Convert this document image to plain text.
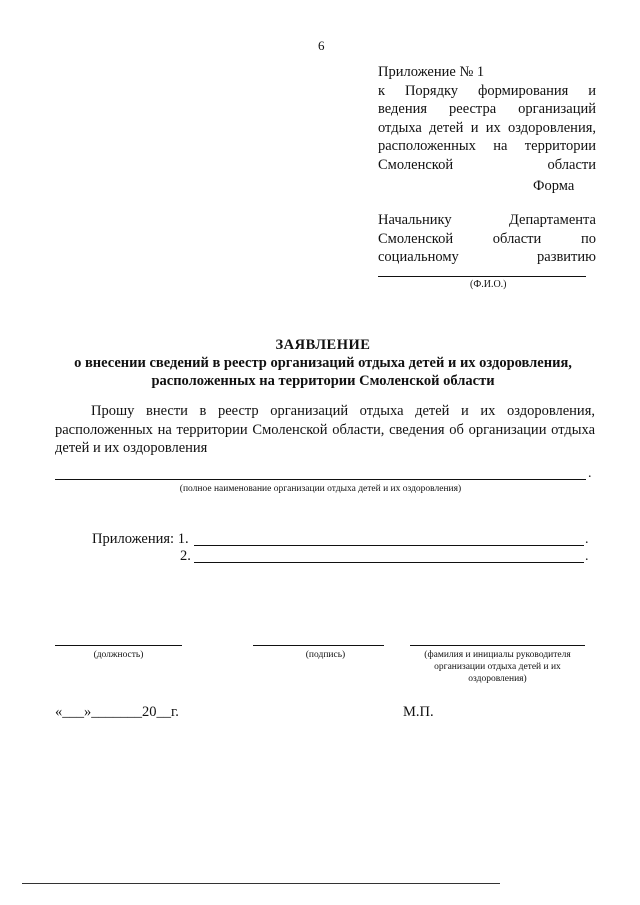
6
Приложение № 1
к Порядку формирования и ведения реестра организаций отдыха детей и их оздоровления, расположенных на территории Смоленской области
Форма
Начальнику Департамента Смоленской области по социальному развитию
(Ф.И.О.)
ЗАЯВЛЕНИЕ
о внесении сведений в реестр организаций отдыха детей и их оздоровления, расположенных на территории Смоленской области
Прошу внести в реестр организаций отдыха детей и их оздоровления, расположенных на территории Смоленской области, сведения об организации отдыха детей и их оздоровления
.
(полное наименование организации отдыха детей и их оздоровления)
Приложения: 1.	.
2.	.
(должность)	(подпись)	(фамилия и инициалы руководителя организации отдыха детей и их оздоровления)
«___»_______20__г.	М.П.
